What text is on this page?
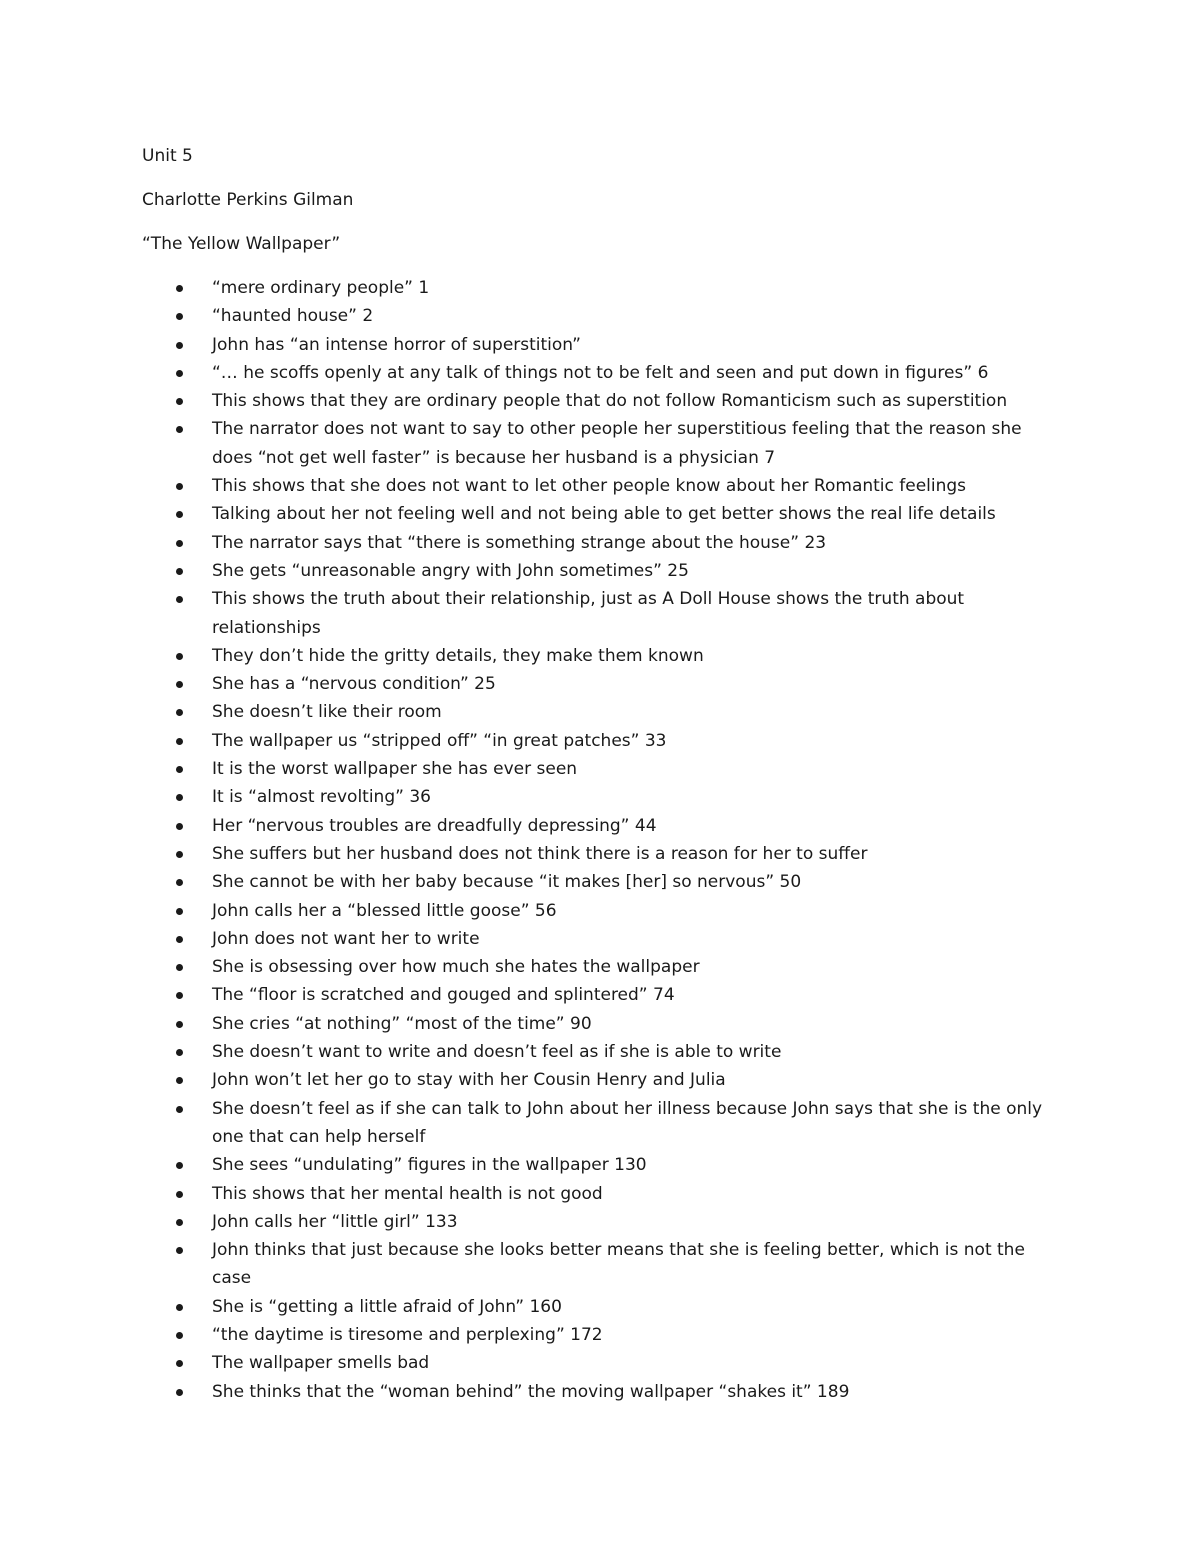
Unit 5
Charlotte Perkins Gilman
“The Yellow Wallpaper”
“mere ordinary people” 1
“haunted house” 2
John has “an intense horror of superstition”
“… he scoffs openly at any talk of things not to be felt and seen and put down in figures” 6
This shows that they are ordinary people that do not follow Romanticism such as superstition
The narrator does not want to say to other people her superstitious feeling that the reason she does “not get well faster” is because her husband is a physician 7
This shows that she does not want to let other people know about her Romantic feelings
Talking about her not feeling well and not being able to get better shows the real life details
The narrator says that “there is something strange about the house” 23
She gets “unreasonable angry with John sometimes” 25
This shows the truth about their relationship, just as A Doll House shows the truth about relationships
They don’t hide the gritty details, they make them known
She has a “nervous condition” 25
She doesn’t like their room
The wallpaper us “stripped off” “in great patches” 33
It is the worst wallpaper she has ever seen
It is “almost revolting” 36
Her “nervous troubles are dreadfully depressing” 44
She suffers but her husband does not think there is a reason for her to suffer
She cannot be with her baby because “it makes [her] so nervous” 50
John calls her a “blessed little goose” 56
John does not want her to write
She is obsessing over how much she hates the wallpaper
The “floor is scratched and gouged and splintered” 74
She cries “at nothing” “most of the time” 90
She doesn’t want to write and doesn’t feel as if she is able to write
John won’t let her go to stay with her Cousin Henry and Julia
She doesn’t feel as if she can talk to John about her illness because John says that she is the only one that can help herself
She sees “undulating” figures in the wallpaper 130
This shows that her mental health is not good
John calls her “little girl” 133
John thinks that just because she looks better means that she is feeling better, which is not the case
She is “getting a little afraid of John” 160
“the daytime is tiresome and perplexing” 172
The wallpaper smells bad
She thinks that the “woman behind” the moving wallpaper “shakes it” 189
